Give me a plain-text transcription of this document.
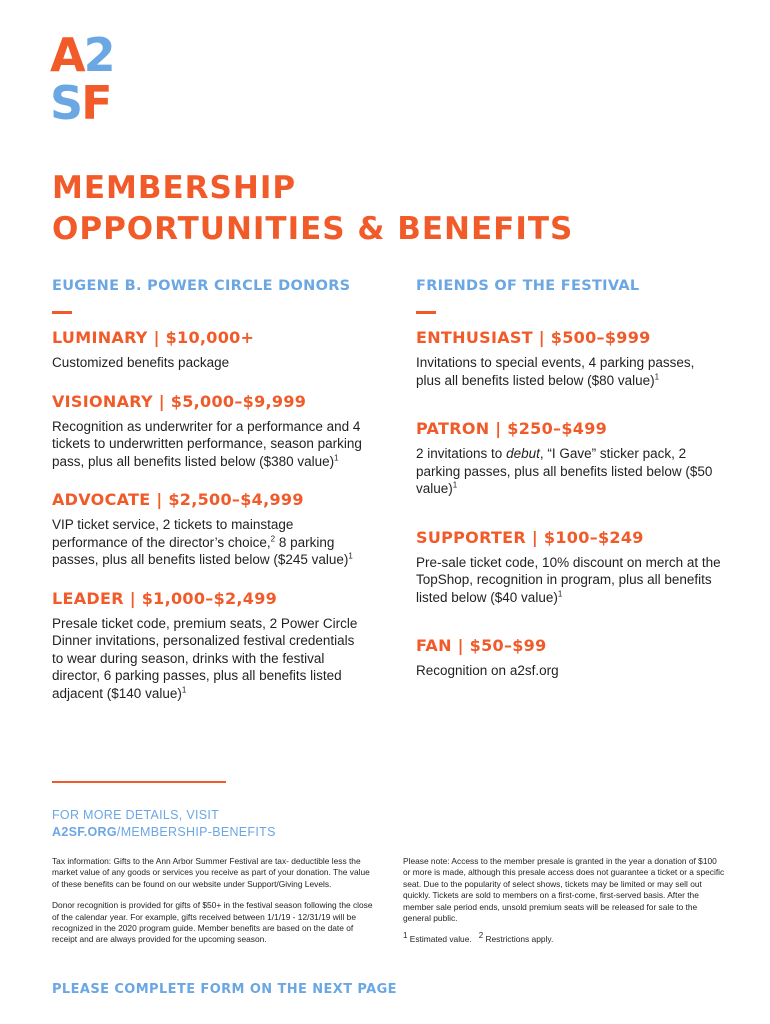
A2
SF
MEMBERSHIP
OPPORTUNITIES & BENEFITS
EUGENE B. POWER CIRCLE DONORS
LUMINARY | $10,000+

Customized benefits package

VISIONARY | $5,000–$9,999

Recognition as underwriter for a performance and 4 tickets to underwritten performance, season parking pass, plus all benefits listed below ($380 value)$^1$

ADVOCATE | $2,500–$4,999

VIP ticket service, 2 tickets to mainstage performance of the director’s choice,$^2$ 8 parking passes, plus all benefits listed below ($245 value)$^1$

LEADER | $1,000–$2,499

Presale ticket code, premium seats, 2 Power Circle Dinner invitations, personalized festival credentials to wear during season, drinks with the festival director, 6 parking passes, plus all benefits listed adjacent ($140 value)$^1$

FRIENDS OF THE FESTIVAL
ENTHUSIAST | $500–$999

Invitations to special events, 4 parking passes, plus all benefits listed below ($80 value)$^1$

PATRON | $250–$499

2 invitations to debut, “I Gave” sticker pack, 2 parking passes, plus all benefits listed below ($50 value)$^1$

SUPPORTER | $100–$249

Pre-sale ticket code, 10% discount on merch at the TopShop, recognition in program, plus all benefits listed below ($40 value)$^1$

FAN | $50–$99

Recognition on a2sf.org

FOR MORE DETAILS, VISIT
A2SF.ORG/MEMBERSHIP-BENEFITS

Tax information: Gifts to the Ann Arbor Summer Festival are tax- deductible less the market value of any goods or services you receive as part of your donation. The value of these benefits can be found on our website under Support/Giving Levels.

Donor recognition is provided for gifts of $50+ in the festival season following the close of the calendar year. For example, gifts received between 1/1/19 - 12/31/19 will be recognized in the 2020 program guide. Member benefits are based on the date of receipt and are always provided for the upcoming season.

Please note: Access to the member presale is granted in the year a donation of $100 or more is made, although this presale access does not guarantee a ticket or a specific seat. Due to the popularity of select shows, tickets may be limited or may sell out quickly. Tickets are sold to members on a first-come, first-served basis. After the member sale period ends, unsold premium seats will be released for sale to the general public.

$^1$ Estimated value. $^2$ Restrictions apply.

PLEASE COMPLETE FORM ON THE NEXT PAGE
